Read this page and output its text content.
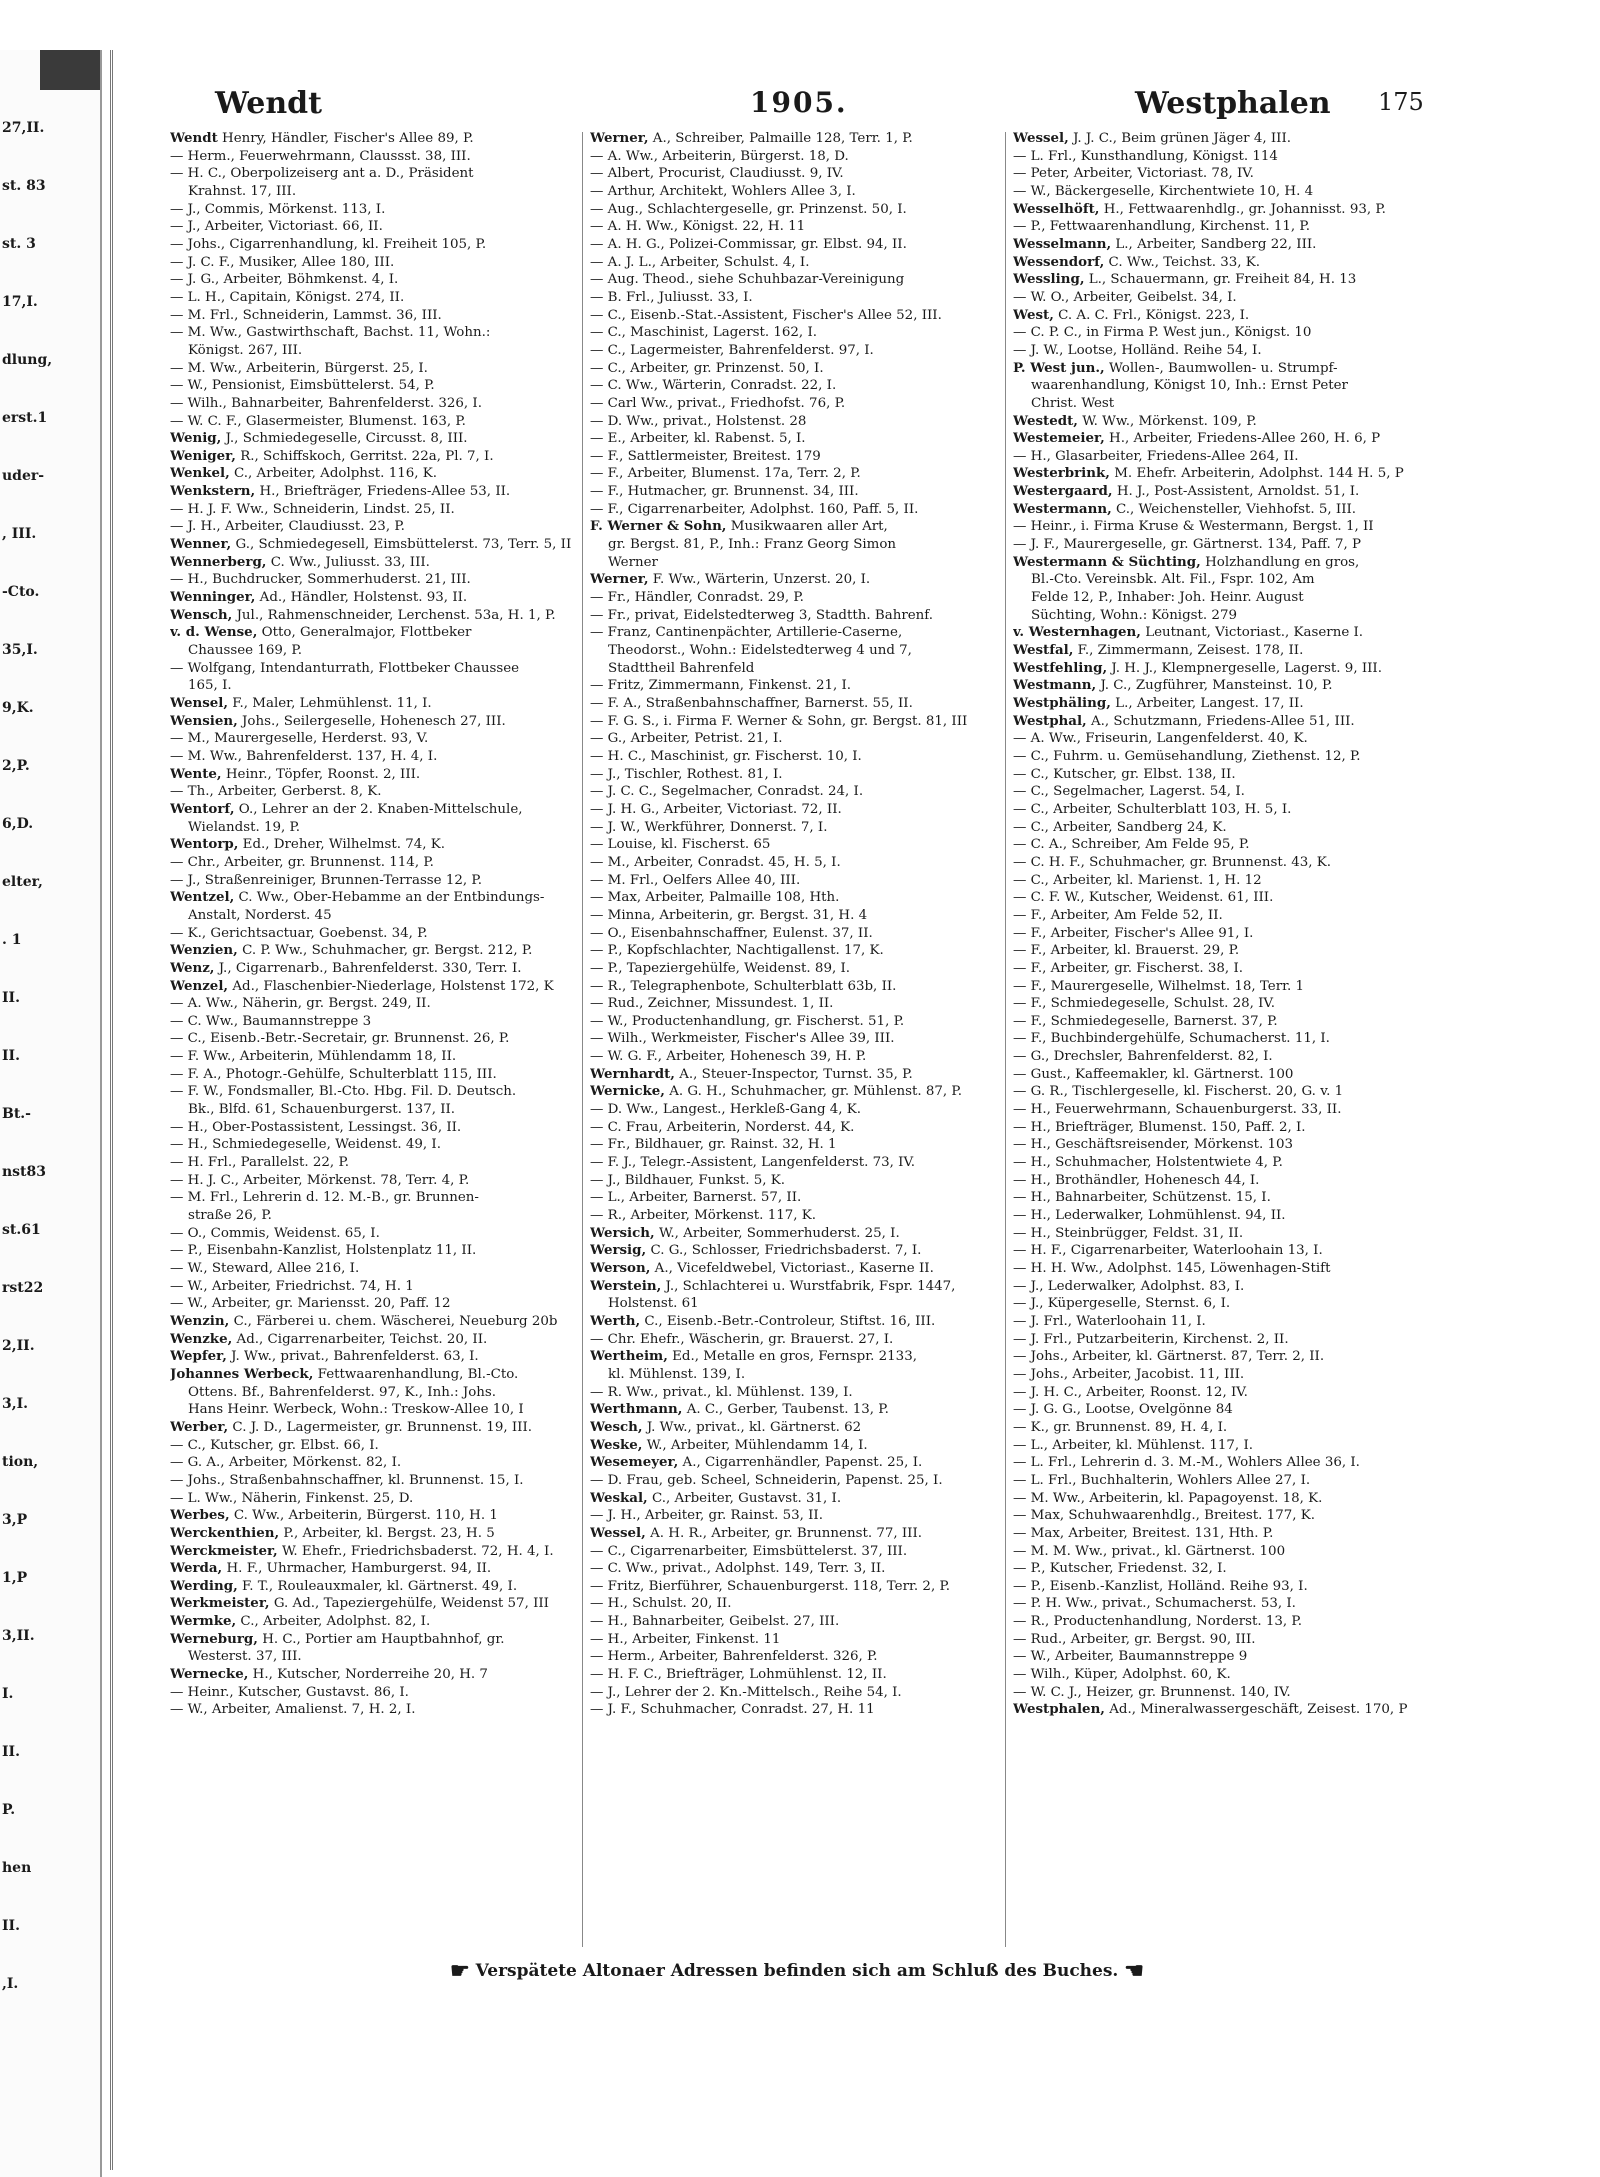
27,II.
st. 83
st. 3
17,I.
dlung,
erst.1
uder-
, III.
-Cto.
35,I.
9,K.
2,P.
6,D.
elter,
. 1
II.
II.
Bt.-
nst83
st.61
rst22
2,II.
3,I.
tion,
3,P
1,P
3,II.
I.
II.
P.
hen
II.
,I.
Wendt	1905.	Westphalen 175
Wendt Henry, Händler, Fischer's Allee 89, P.
— Herm., Feuerwehrmann, Claussst. 38, III.
— H. C., Oberpolizeiserg ant a. D., Präsident
Krahnst. 17, III.
— J., Commis, Mörkenst. 113, I.
— J., Arbeiter, Victoriast. 66, II.
— Johs., Cigarrenhandlung, kl. Freiheit 105, P.
— J. C. F., Musiker, Allee 180, III.
— J. G., Arbeiter, Böhmkenst. 4, I.
— L. H., Capitain, Königst. 274, II.
— M. Frl., Schneiderin, Lammst. 36, III.
— M. Ww., Gastwirthschaft, Bachst. 11, Wohn.:
Königst. 267, III.
— M. Ww., Arbeiterin, Bürgerst. 25, I.
— W., Pensionist, Eimsbüttelerst. 54, P.
— Wilh., Bahnarbeiter, Bahrenfelderst. 326, I.
— W. C. F., Glasermeister, Blumenst. 163, P.
Wenig, J., Schmiedegeselle, Circusst. 8, III.
Weniger, R., Schiffskoch, Gerritst. 22a, Pl. 7, I.
Wenkel, C., Arbeiter, Adolphst. 116, K.
Wenkstern, H., Briefträger, Friedens-Allee 53, II.
— H. J. F. Ww., Schneiderin, Lindst. 25, II.
— J. H., Arbeiter, Claudiusst. 23, P.
Wenner, G., Schmiedegesell, Eimsbüttelerst. 73, Terr. 5, II
Wennerberg, C. Ww., Juliusst. 33, III.
— H., Buchdrucker, Sommerhuderst. 21, III.
Wenninger, Ad., Händler, Holstenst. 93, II.
Wensch, Jul., Rahmenschneider, Lerchenst. 53a, H. 1, P.
v. d. Wense, Otto, Generalmajor, Flottbeker
Chaussee 169, P.
— Wolfgang, Intendanturrath, Flottbeker Chaussee
165, I.
Wensel, F., Maler, Lehmühlenst. 11, I.
Wensien, Johs., Seilergeselle, Hohenesch 27, III.
— M., Maurergeselle, Herderst. 93, V.
— M. Ww., Bahrenfelderst. 137, H. 4, I.
Wente, Heinr., Töpfer, Roonst. 2, III.
— Th., Arbeiter, Gerberst. 8, K.
Wentorf, O., Lehrer an der 2. Knaben-Mittelschule,
Wielandst. 19, P.
Wentorp, Ed., Dreher, Wilhelmst. 74, K.
— Chr., Arbeiter, gr. Brunnenst. 114, P.
— J., Straßenreiniger, Brunnen-Terrasse 12, P.
Wentzel, C. Ww., Ober-Hebamme an der Entbindungs-
Anstalt, Norderst. 45
— K., Gerichtsactuar, Goebenst. 34, P.
Wenzien, C. P. Ww., Schuhmacher, gr. Bergst. 212, P.
Wenz, J., Cigarrenarb., Bahrenfelderst. 330, Terr. I.
Wenzel, Ad., Flaschenbier-Niederlage, Holstenst 172, K
— A. Ww., Näherin, gr. Bergst. 249, II.
— C. Ww., Baumannstreppe 3
— C., Eisenb.-Betr.-Secretair, gr. Brunnenst. 26, P.
— F. Ww., Arbeiterin, Mühlendamm 18, II.
— F. A., Photogr.-Gehülfe, Schulterblatt 115, III.
— F. W., Fondsmaller, Bl.-Cto. Hbg. Fil. D. Deutsch.
Bk., Blfd. 61, Schauenburgerst. 137, II.
— H., Ober-Postassistent, Lessingst. 36, II.
— H., Schmiedegeselle, Weidenst. 49, I.
— H. Frl., Parallelst. 22, P.
— H. J. C., Arbeiter, Mörkenst. 78, Terr. 4, P.
— M. Frl., Lehrerin d. 12. M.-B., gr. Brunnen-
straße 26, P.
— O., Commis, Weidenst. 65, I.
— P., Eisenbahn-Kanzlist, Holstenplatz 11, II.
— W., Steward, Allee 216, I.
— W., Arbeiter, Friedrichst. 74, H. 1
— W., Arbeiter, gr. Mariensst. 20, Paff. 12
Wenzin, C., Färberei u. chem. Wäscherei, Neueburg 20b
Wenzke, Ad., Cigarrenarbeiter, Teichst. 20, II.
Wepfer, J. Ww., privat., Bahrenfelderst. 63, I.
Johannes Werbeck, Fettwaarenhandlung, Bl.-Cto.
Ottens. Bf., Bahrenfelderst. 97, K., Inh.: Johs.
Hans Heinr. Werbeck, Wohn.: Treskow-Allee 10, I
Werber, C. J. D., Lagermeister, gr. Brunnenst. 19, III.
— C., Kutscher, gr. Elbst. 66, I.
— G. A., Arbeiter, Mörkenst. 82, I.
— Johs., Straßenbahnschaffner, kl. Brunnenst. 15, I.
— L. Ww., Näherin, Finkenst. 25, D.
Werbes, C. Ww., Arbeiterin, Bürgerst. 110, H. 1
Werckenthien, P., Arbeiter, kl. Bergst. 23, H. 5
Werckmeister, W. Ehefr., Friedrichsbaderst. 72, H. 4, I.
Werda, H. F., Uhrmacher, Hamburgerst. 94, II.
Werding, F. T., Rouleauxmaler, kl. Gärtnerst. 49, I.
Werkmeister, G. Ad., Tapeziergehülfe, Weidenst 57, III
Wermke, C., Arbeiter, Adolphst. 82, I.
Werneburg, H. C., Portier am Hauptbahnhof, gr.
Westerst. 37, III.
Wernecke, H., Kutscher, Norderreihe 20, H. 7
— Heinr., Kutscher, Gustavst. 86, I.
— W., Arbeiter, Amalienst. 7, H. 2, I.
Werner, A., Schreiber, Palmaille 128, Terr. 1, P.
— A. Ww., Arbeiterin, Bürgerst. 18, D.
— Albert, Procurist, Claudiusst. 9, IV.
— Arthur, Architekt, Wohlers Allee 3, I.
— Aug., Schlachtergeselle, gr. Prinzenst. 50, I.
— A. H. Ww., Königst. 22, H. 11
— A. H. G., Polizei-Commissar, gr. Elbst. 94, II.
— A. J. L., Arbeiter, Schulst. 4, I.
— Aug. Theod., siehe Schuhbazar-Vereinigung
— B. Frl., Juliusst. 33, I.
— C., Eisenb.-Stat.-Assistent, Fischer's Allee 52, III.
— C., Maschinist, Lagerst. 162, I.
— C., Lagermeister, Bahrenfelderst. 97, I.
— C., Arbeiter, gr. Prinzenst. 50, I.
— C. Ww., Wärterin, Conradst. 22, I.
— Carl Ww., privat., Friedhofst. 76, P.
— D. Ww., privat., Holstenst. 28
— E., Arbeiter, kl. Rabenst. 5, I.
— F., Sattlermeister, Breitest. 179
— F., Arbeiter, Blumenst. 17a, Terr. 2, P.
— F., Hutmacher, gr. Brunnenst. 34, III.
— F., Cigarrenarbeiter, Adolphst. 160, Paff. 5, II.
F. Werner & Sohn, Musikwaaren aller Art,
gr. Bergst. 81, P., Inh.: Franz Georg Simon
Werner
Werner, F. Ww., Wärterin, Unzerst. 20, I.
— Fr., Händler, Conradst. 29, P.
— Fr., privat, Eidelstedterweg 3, Stadtth. Bahrenf.
— Franz, Cantinenpächter, Artillerie-Caserne,
Theodorst., Wohn.: Eidelstedterweg 4 und 7,
Stadttheil Bahrenfeld
— Fritz, Zimmermann, Finkenst. 21, I.
— F. A., Straßenbahnschaffner, Barnerst. 55, II.
— F. G. S., i. Firma F. Werner & Sohn, gr. Bergst. 81, III
— G., Arbeiter, Petrist. 21, I.
— H. C., Maschinist, gr. Fischerst. 10, I.
— J., Tischler, Rothest. 81, I.
— J. C. C., Segelmacher, Conradst. 24, I.
— J. H. G., Arbeiter, Victoriast. 72, II.
— J. W., Werkführer, Donnerst. 7, I.
— Louise, kl. Fischerst. 65
— M., Arbeiter, Conradst. 45, H. 5, I.
— M. Frl., Oelfers Allee 40, III.
— Max, Arbeiter, Palmaille 108, Hth.
— Minna, Arbeiterin, gr. Bergst. 31, H. 4
— O., Eisenbahnschaffner, Eulenst. 37, II.
— P., Kopfschlachter, Nachtigallenst. 17, K.
— P., Tapeziergehülfe, Weidenst. 89, I.
— R., Telegraphenbote, Schulterblatt 63b, II.
— Rud., Zeichner, Missundest. 1, II.
— W., Productenhandlung, gr. Fischerst. 51, P.
— Wilh., Werkmeister, Fischer's Allee 39, III.
— W. G. F., Arbeiter, Hohenesch 39, H. P.
Wernhardt, A., Steuer-Inspector, Turnst. 35, P.
Wernicke, A. G. H., Schuhmacher, gr. Mühlenst. 87, P.
— D. Ww., Langest., Herkleß-Gang 4, K.
— C. Frau, Arbeiterin, Norderst. 44, K.
— Fr., Bildhauer, gr. Rainst. 32, H. 1
— F. J., Telegr.-Assistent, Langenfelderst. 73, IV.
— J., Bildhauer, Funkst. 5, K.
— L., Arbeiter, Barnerst. 57, II.
— R., Arbeiter, Mörkenst. 117, K.
Wersich, W., Arbeiter, Sommerhuderst. 25, I.
Wersig, C. G., Schlosser, Friedrichsbaderst. 7, I.
Werson, A., Vicefeldwebel, Victoriast., Kaserne II.
Werstein, J., Schlachterei u. Wurstfabrik, Fspr. 1447,
Holstenst. 61
Werth, C., Eisenb.-Betr.-Controleur, Stiftst. 16, III.
— Chr. Ehefr., Wäscherin, gr. Brauerst. 27, I.
Wertheim, Ed., Metalle en gros, Fernspr. 2133,
kl. Mühlenst. 139, I.
— R. Ww., privat., kl. Mühlenst. 139, I.
Werthmann, A. C., Gerber, Taubenst. 13, P.
Wesch, J. Ww., privat., kl. Gärtnerst. 62
Weske, W., Arbeiter, Mühlendamm 14, I.
Wesemeyer, A., Cigarrenhändler, Papenst. 25, I.
— D. Frau, geb. Scheel, Schneiderin, Papenst. 25, I.
Weskal, C., Arbeiter, Gustavst. 31, I.
— J. H., Arbeiter, gr. Rainst. 53, II.
Wessel, A. H. R., Arbeiter, gr. Brunnenst. 77, III.
— C., Cigarrenarbeiter, Eimsbüttelerst. 37, III.
— C. Ww., privat., Adolphst. 149, Terr. 3, II.
— Fritz, Bierführer, Schauenburgerst. 118, Terr. 2, P.
— H., Schulst. 20, II.
— H., Bahnarbeiter, Geibelst. 27, III.
— H., Arbeiter, Finkenst. 11
— Herm., Arbeiter, Bahrenfelderst. 326, P.
— H. F. C., Briefträger, Lohmühlenst. 12, II.
— J., Lehrer der 2. Kn.-Mittelsch., Reihe 54, I.
— J. F., Schuhmacher, Conradst. 27, H. 11
Wessel, J. J. C., Beim grünen Jäger 4, III.
— L. Frl., Kunsthandlung, Königst. 114
— Peter, Arbeiter, Victoriast. 78, IV.
— W., Bäckergeselle, Kirchentwiete 10, H. 4
Wesselhöft, H., Fettwaarenhdlg., gr. Johannisst. 93, P.
— P., Fettwaarenhandlung, Kirchenst. 11, P.
Wesselmann, L., Arbeiter, Sandberg 22, III.
Wessendorf, C. Ww., Teichst. 33, K.
Wessling, L., Schauermann, gr. Freiheit 84, H. 13
— W. O., Arbeiter, Geibelst. 34, I.
West, C. A. C. Frl., Königst. 223, I.
— C. P. C., in Firma P. West jun., Königst. 10
— J. W., Lootse, Holländ. Reihe 54, I.
P. West jun., Wollen-, Baumwollen- u. Strumpf-
waarenhandlung, Königst 10, Inh.: Ernst Peter
Christ. West
Westedt, W. Ww., Mörkenst. 109, P.
Westemeier, H., Arbeiter, Friedens-Allee 260, H. 6, P
— H., Glasarbeiter, Friedens-Allee 264, II.
Westerbrink, M. Ehefr. Arbeiterin, Adolphst. 144 H. 5, P
Westergaard, H. J., Post-Assistent, Arnoldst. 51, I.
Westermann, C., Weichensteller, Viehhofst. 5, III.
— Heinr., i. Firma Kruse & Westermann, Bergst. 1, II
— J. F., Maurergeselle, gr. Gärtnerst. 134, Paff. 7, P
Westermann & Süchting, Holzhandlung en gros,
Bl.-Cto. Vereinsbk. Alt. Fil., Fspr. 102, Am
Felde 12, P., Inhaber: Joh. Heinr. August
Süchting, Wohn.: Königst. 279
v. Westernhagen, Leutnant, Victoriast., Kaserne I.
Westfal, F., Zimmermann, Zeisest. 178, II.
Westfehling, J. H. J., Klempnergeselle, Lagerst. 9, III.
Westmann, J. C., Zugführer, Mansteinst. 10, P.
Westphäling, L., Arbeiter, Langest. 17, II.
Westphal, A., Schutzmann, Friedens-Allee 51, III.
— A. Ww., Friseurin, Langenfelderst. 40, K.
— C., Fuhrm. u. Gemüsehandlung, Ziethenst. 12, P.
— C., Kutscher, gr. Elbst. 138, II.
— C., Segelmacher, Lagerst. 54, I.
— C., Arbeiter, Schulterblatt 103, H. 5, I.
— C., Arbeiter, Sandberg 24, K.
— C. A., Schreiber, Am Felde 95, P.
— C. H. F., Schuhmacher, gr. Brunnenst. 43, K.
— C., Arbeiter, kl. Marienst. 1, H. 12
— C. F. W., Kutscher, Weidenst. 61, III.
— F., Arbeiter, Am Felde 52, II.
— F., Arbeiter, Fischer's Allee 91, I.
— F., Arbeiter, kl. Brauerst. 29, P.
— F., Arbeiter, gr. Fischerst. 38, I.
— F., Maurergeselle, Wilhelmst. 18, Terr. 1
— F., Schmiedegeselle, Schulst. 28, IV.
— F., Schmiedegeselle, Barnerst. 37, P.
— F., Buchbindergehülfe, Schumacherst. 11, I.
— G., Drechsler, Bahrenfelderst. 82, I.
— Gust., Kaffeemakler, kl. Gärtnerst. 100
— G. R., Tischlergeselle, kl. Fischerst. 20, G. v. 1
— H., Feuerwehrmann, Schauenburgerst. 33, II.
— H., Briefträger, Blumenst. 150, Paff. 2, I.
— H., Geschäftsreisender, Mörkenst. 103
— H., Schuhmacher, Holstentwiete 4, P.
— H., Brothändler, Hohenesch 44, I.
— H., Bahnarbeiter, Schützenst. 15, I.
— H., Lederwalker, Lohmühlenst. 94, II.
— H., Steinbrügger, Feldst. 31, II.
— H. F., Cigarrenarbeiter, Waterloohain 13, I.
— H. H. Ww., Adolphst. 145, Löwenhagen-Stift
— J., Lederwalker, Adolphst. 83, I.
— J., Küpergeselle, Sternst. 6, I.
— J. Frl., Waterloohain 11, I.
— J. Frl., Putzarbeiterin, Kirchenst. 2, II.
— Johs., Arbeiter, kl. Gärtnerst. 87, Terr. 2, II.
— Johs., Arbeiter, Jacobist. 11, III.
— J. H. C., Arbeiter, Roonst. 12, IV.
— J. G. G., Lootse, Ovelgönne 84
— K., gr. Brunnenst. 89, H. 4, I.
— L., Arbeiter, kl. Mühlenst. 117, I.
— L. Frl., Lehrerin d. 3. M.-M., Wohlers Allee 36, I.
— L. Frl., Buchhalterin, Wohlers Allee 27, I.
— M. Ww., Arbeiterin, kl. Papagoyenst. 18, K.
— Max, Schuhwaarenhdlg., Breitest. 177, K.
— Max, Arbeiter, Breitest. 131, Hth. P.
— M. M. Ww., privat., kl. Gärtnerst. 100
— P., Kutscher, Friedenst. 32, I.
— P., Eisenb.-Kanzlist, Holländ. Reihe 93, I.
— P. H. Ww., privat., Schumacherst. 53, I.
— R., Productenhandlung, Norderst. 13, P.
— Rud., Arbeiter, gr. Bergst. 90, III.
— W., Arbeiter, Baumannstreppe 9
— Wilh., Küper, Adolphst. 60, K.
— W. C. J., Heizer, gr. Brunnenst. 140, IV.
Westphalen, Ad., Mineralwassergeschäft, Zeisest. 170, P
☛ Verspätete Altonaer Adressen befinden sich am Schluß des Buches. ☚
